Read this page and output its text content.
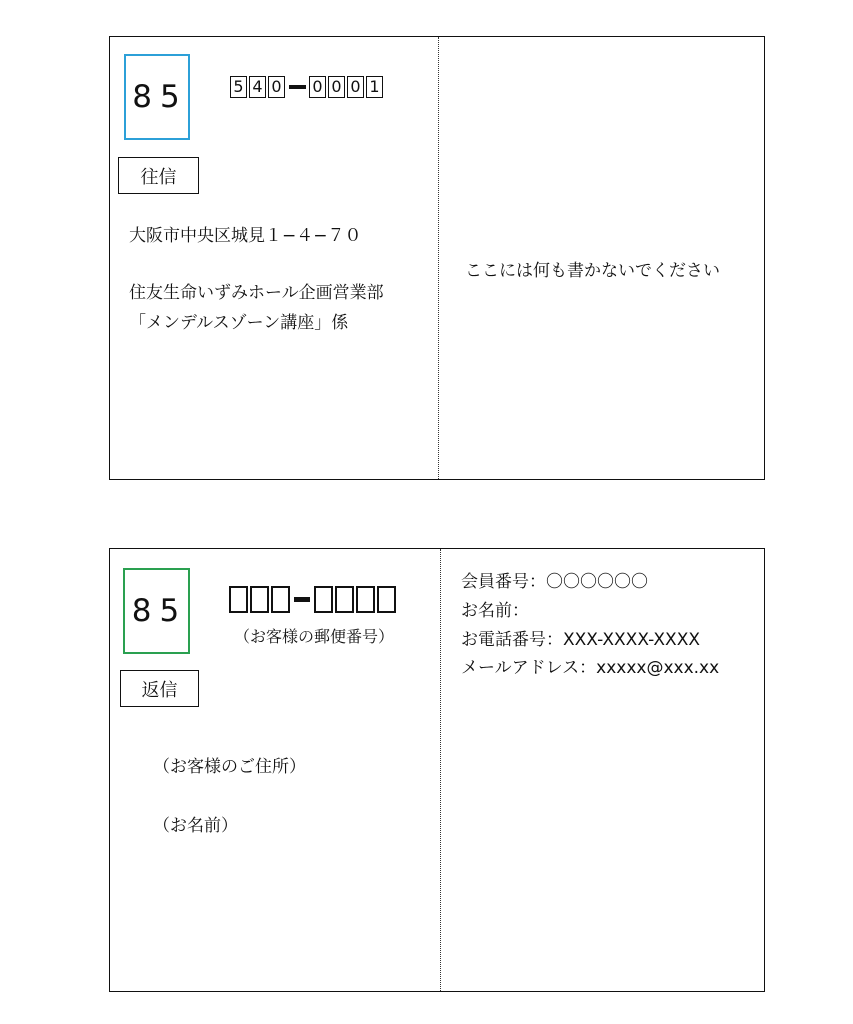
85	5 4 0 0 0 0 1
往信
大阪市中央区城見１−４−７０
住友生命いずみホール企画営業部
「メンデルスゾーン講座」係
ここには何も書かないでください
85
（お客様の郵便番号）
返信
（お客様のご住所）
（お名前）
会員番号：〇〇〇〇〇〇
お名前：
お電話番号：XXX-XXXX-XXXX
メールアドレス：xxxxx@xxx.xx
